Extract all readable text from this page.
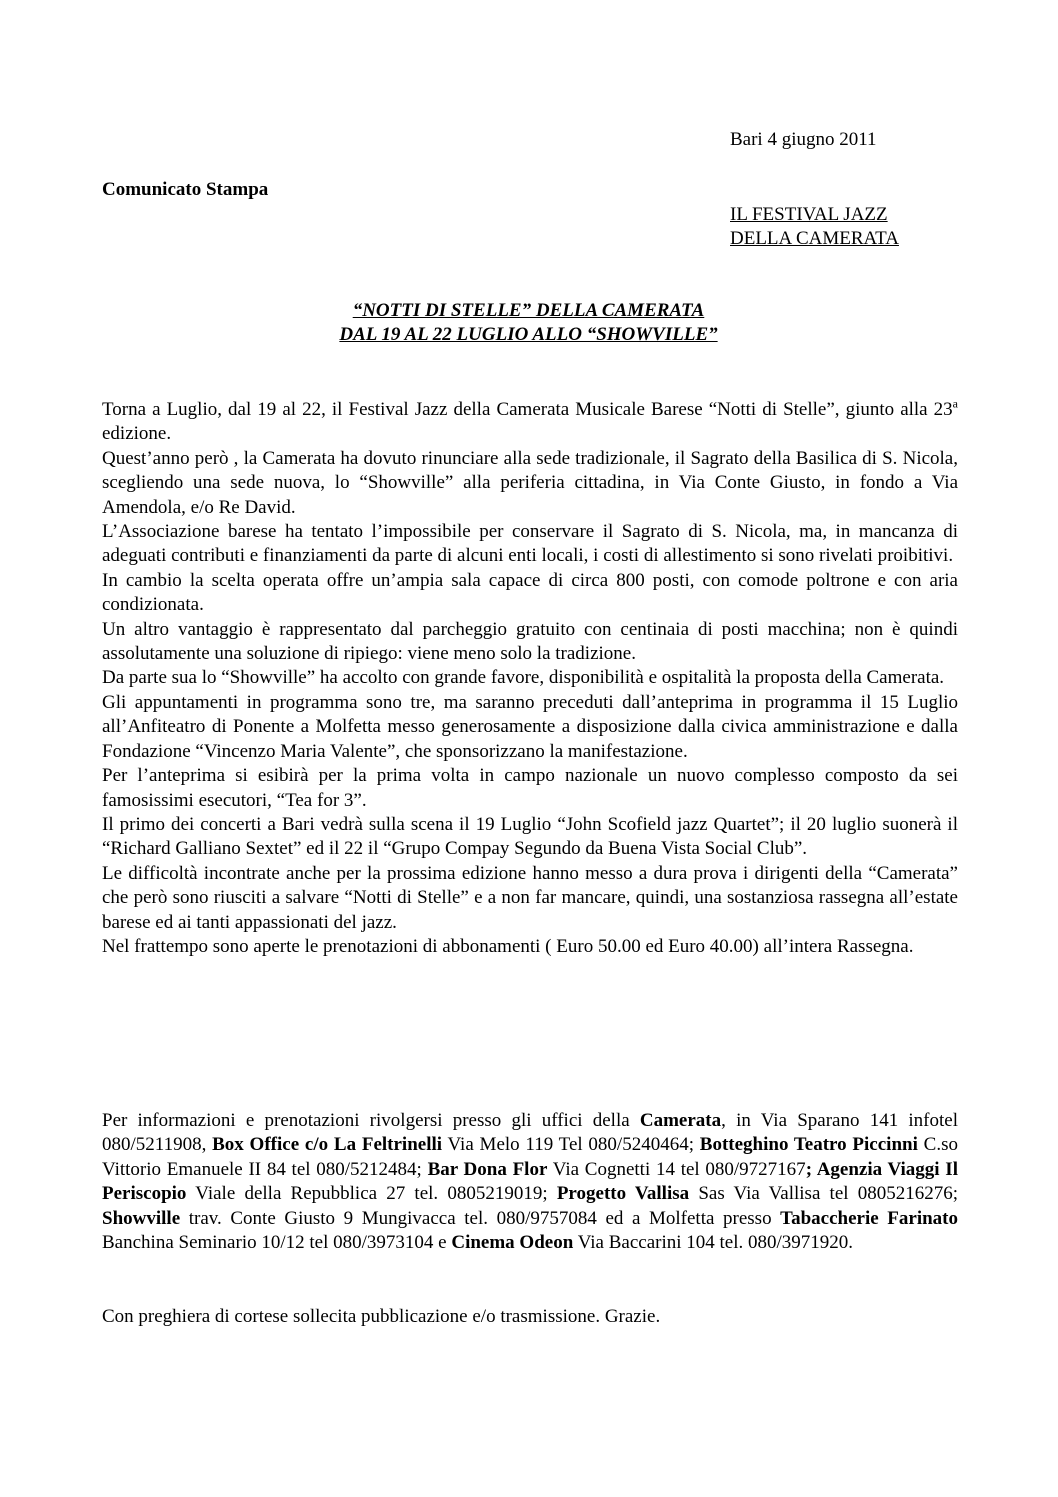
Bari 4 giugno 2011
Comunicato Stampa
IL FESTIVAL JAZZ
DELLA CAMERATA
“NOTTI DI STELLE” DELLA CAMERATA
DAL 19 AL 22 LUGLIO ALLO “SHOWVILLE”

Torna a Luglio, dal 19 al 22, il Festival Jazz della Camerata Musicale Barese “Notti di Stelle”, giunto alla 23$^a$ edizione.

Quest’anno però , la Camerata ha dovuto rinunciare alla sede tradizionale, il Sagrato della Basilica di S. Nicola, scegliendo una sede nuova, lo “Showville” alla periferia cittadina, in Via Conte Giusto, in fondo a Via Amendola, e/o Re David.

L’Associazione barese ha tentato l’impossibile per conservare il Sagrato di S. Nicola, ma, in mancanza di adeguati contributi e finanziamenti da parte di alcuni enti locali, i costi di allestimento si sono rivelati proibitivi.

In cambio la scelta operata offre un’ampia sala capace di circa 800 posti, con comode poltrone e con aria condizionata.

Un altro vantaggio è rappresentato dal parcheggio gratuito con centinaia di posti macchina; non è quindi assolutamente una soluzione di ripiego: viene meno solo la tradizione.

Da parte sua lo “Showville” ha accolto con grande favore, disponibilità e ospitalità la proposta della Camerata.

Gli appuntamenti in programma sono tre, ma saranno preceduti dall’anteprima in programma il 15 Luglio all’Anfiteatro di Ponente a Molfetta messo generosamente a disposizione dalla civica amministrazione e dalla Fondazione “Vincenzo Maria Valente”, che sponsorizzano la manifestazione.

Per l’anteprima si esibirà per la prima volta in campo nazionale un nuovo complesso composto da sei famosissimi esecutori, “Tea for 3”.

Il primo dei concerti a Bari vedrà sulla scena il 19 Luglio “John Scofield jazz Quartet”; il 20 luglio suonerà il “Richard Galliano Sextet” ed il 22 il “Grupo Compay Segundo da Buena Vista Social Club”.

Le difficoltà incontrate anche per la prossima edizione hanno messo a dura prova i dirigenti della “Camerata” che però sono riusciti a salvare “Notti di Stelle” e a non far mancare, quindi, una sostanziosa rassegna all’estate barese ed ai tanti appassionati del jazz.

Nel frattempo sono aperte le prenotazioni di abbonamenti ( Euro 50.00 ed Euro 40.00) all’intera Rassegna.

Per informazioni e prenotazioni rivolgersi presso gli uffici della Camerata, in Via Sparano 141 infotel 080/5211908, Box Office c/o La Feltrinelli Via Melo 119 Tel 080/5240464; Botteghino Teatro Piccinni C.so Vittorio Emanuele II 84 tel 080/5212484; Bar Dona Flor Via Cognetti 14 tel 080/9727167; Agenzia Viaggi Il Periscopio Viale della Repubblica 27 tel. 0805219019; Progetto Vallisa Sas Via Vallisa tel 0805216276; Showville trav. Conte Giusto 9 Mungivacca tel. 080/9757084 ed a Molfetta presso Tabaccherie Farinato Banchina Seminario 10/12 tel 080/3973104 e Cinema Odeon Via Baccarini 104 tel. 080/3971920.
Con preghiera di cortese sollecita pubblicazione e/o trasmissione. Grazie.
